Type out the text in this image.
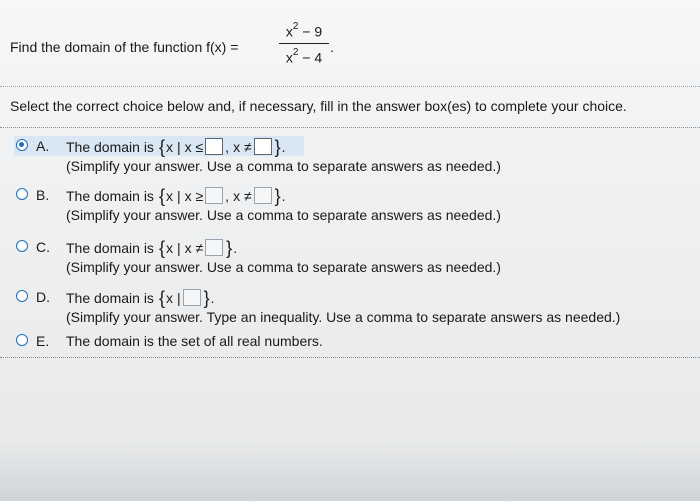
Find the domain of the function f(x) =
$x^2 - 9$
$x^2 - 4$
.
Select the correct choice below and, if necessary, fill in the answer box(es) to complete your choice.
A. The domain is { x | x ≤ , x ≠ } .
(Simplify your answer. Use a comma to separate answers as needed.)
B. The domain is { x | x ≥ , x ≠ } .
(Simplify your answer. Use a comma to separate answers as needed.)
C. The domain is { x | x ≠ } .
(Simplify your answer. Use a comma to separate answers as needed.)
D. The domain is { x | } .
(Simplify your answer. Type an inequality. Use a comma to separate answers as needed.)
E. The domain is the set of all real numbers.
